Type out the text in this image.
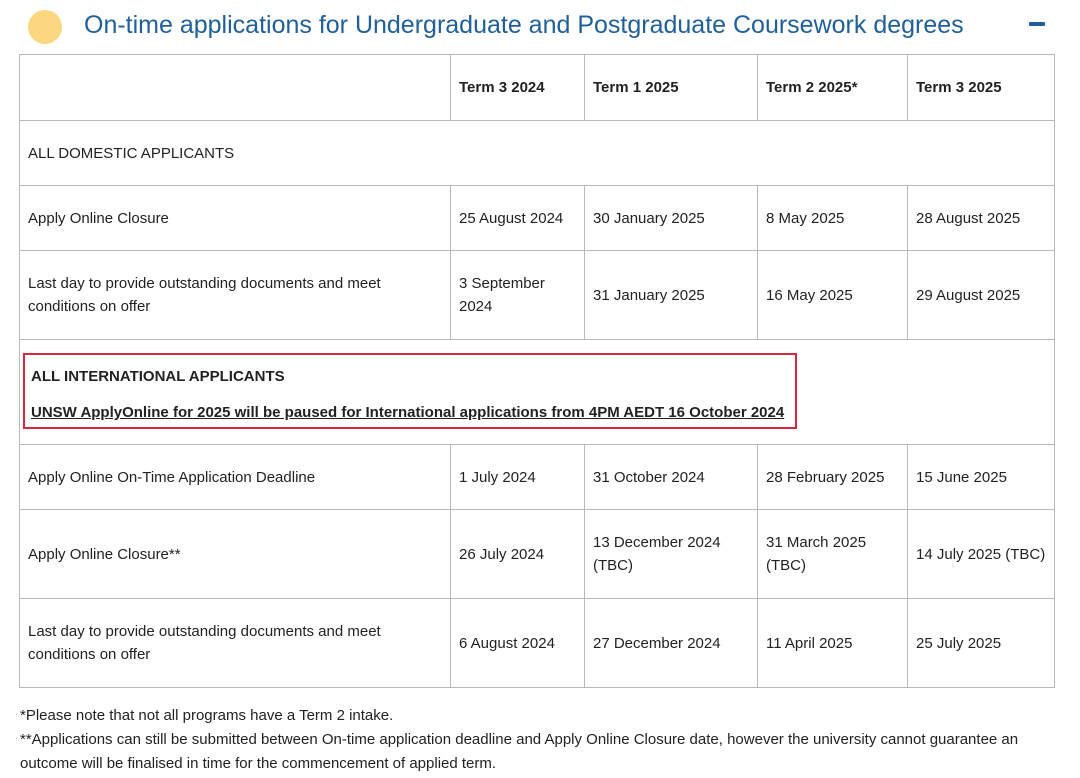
On-time applications for Undergraduate and Postgraduate Coursework degrees
	Term 3 2024	Term 1 2025	Term 2 2025*	Term 3 2025
ALL DOMESTIC APPLICANTS				
Apply Online Closure	25 August 2024	30 January 2025	8 May 2025	28 August 2025
Last day to provide outstanding documents and meet conditions on offer	3 September 2024	31 January 2025	16 May 2025	29 August 2025

ALL INTERNATIONAL APPLICANTS
UNSW ApplyOnline for 2025 will be paused for International applications from 4PM AEDT 16 October 2024				

Apply Online On-Time Application Deadline	1 July 2024	31 October 2024	28 February 2025	15 June 2025
Apply Online Closure**	26 July 2024	13 December 2024 (TBC)	31 March 2025 (TBC)	14 July 2025 (TBC)
Last day to provide outstanding documents and meet conditions on offer	6 August 2024	27 December 2024	11 April 2025	25 July 2025

*Please note that not all programs have a Term 2 intake.

**Applications can still be submitted between On-time application deadline and Apply Online Closure date, however the university cannot guarantee an outcome will be finalised in time for the commencement of applied term.
